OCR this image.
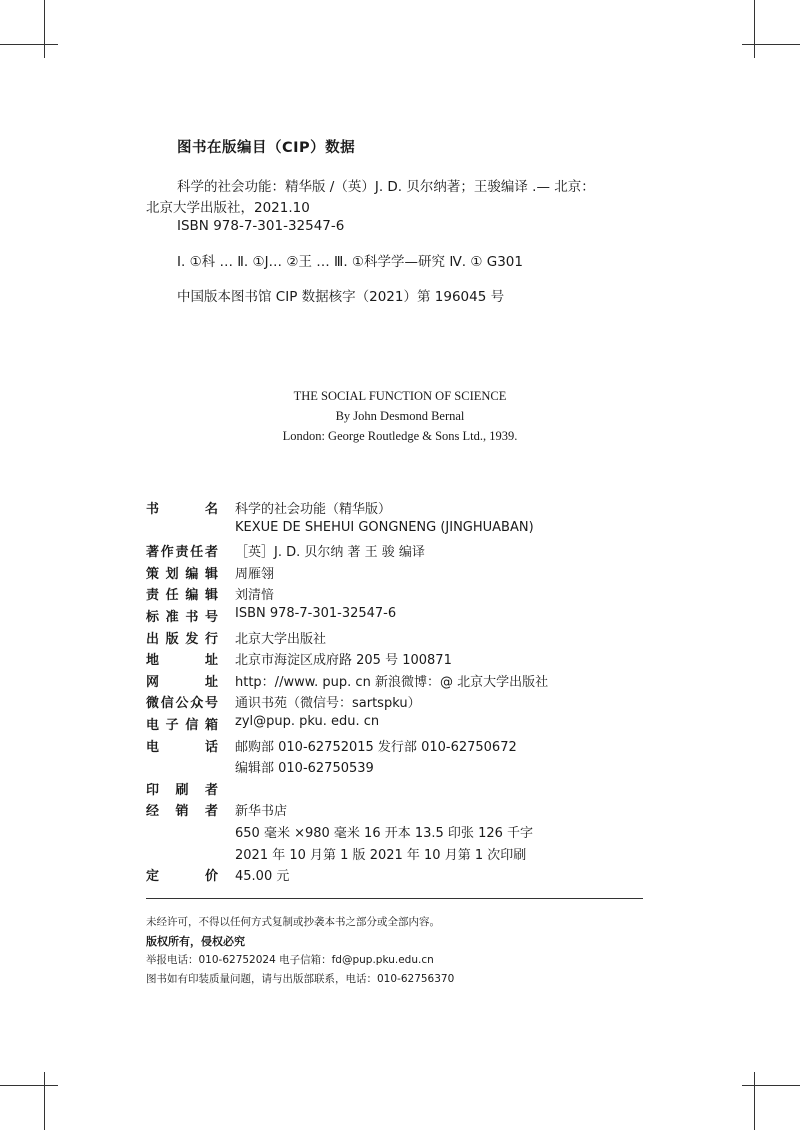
图书在版编目（CIP）数据
科学的社会功能：精华版 /（英）J. D. 贝尔纳著；王骏编译 .— 北京：
北京大学出版社，2021.10
ISBN 978-7-301-32547-6
Ⅰ. ①科 … Ⅱ. ①J… ②王 … Ⅲ. ①科学学—研究 Ⅳ. ① G301
中国版本图书馆 CIP 数据核字（2021）第 196045 号
THE SOCIAL FUNCTION OF SCIENCE
By John Desmond Bernal
London: George Routledge & Sons Ltd., 1939.
书　名 科学的社会功能（精华版）
KEXUE DE SHEHUI GONGNENG (JINGHUABAN)
著作责任者 ［英］J. D. 贝尔纳 著 王 骏 编译
策划编辑 周雁翎
责任编辑 刘清愔
标准书号 ISBN 978-7-301-32547-6
出版发行 北京大学出版社
地　址 北京市海淀区成府路 205 号 100871
网　址 http：//www. pup. cn 新浪微博：@ 北京大学出版社
微信公众号 通识书苑（微信号：sartspku）
电子信箱 zyl@pup. pku. edu. cn
电　话 邮购部 010-62752015 发行部 010-62750672
编辑部 010-62750539
印 刷 者
经 销 者 新华书店
650 毫米 ×980 毫米 16 开本 13.5 印张 126 千字
2021 年 10 月第 1 版 2021 年 10 月第 1 次印刷
定　价 45.00 元
未经许可，不得以任何方式复制或抄袭本书之部分或全部内容。
版权所有，侵权必究
举报电话：010-62752024 电子信箱：fd@pup.pku.edu.cn
图书如有印装质量问题，请与出版部联系，电话：010-62756370
